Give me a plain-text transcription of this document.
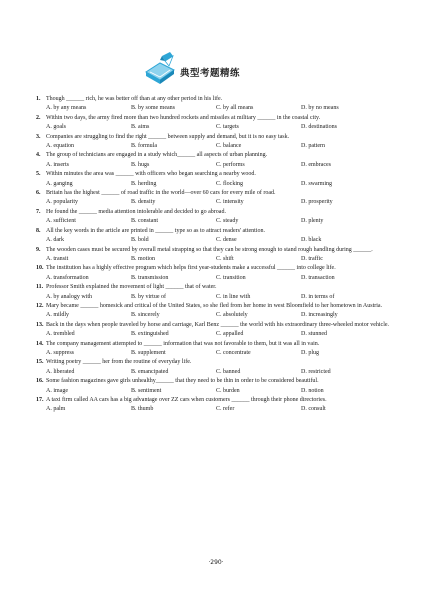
典型考题精练
1. Though ______ rich, he was better off than at any other period in his life.
A. by any means	B. by some means	C. by all means	D. by no means
2. Within two days, the army fired more than two hundred rockets and missiles at military ______ in the coastal city.
A. goals	B. aims	C. targets	D. destinations
3. Companies are struggling to find the right ______ between supply and demand, but it is no easy task.
A. equation	B. formula	C. balance	D. pattern
4. The group of technicians are engaged in a study which______ all aspects of urban planning.
A. inserts	B. hugs	C. performs	D. embraces
5. Within minutes the area was ______ with officers who began searching a nearby wood.
A. ganging	B. herding	C. flocking	D. swarming
6. Britain has the highest ______ of road traffic in the world—over 60 cars for every mile of road.
A. popularity	B. density	C. intensity	D. prosperity
7. He found the ______ media attention intolerable and decided to go abroad.
A. sufficient	B. constant	C. steady	D. plenty
8. All the key words in the article are printed in ______ type so as to attract readers' attention.
A. dark	B. bold	C. dense	D. black
9. The wooden cases must be secured by overall metal strapping so that they can be strong enough to stand rough handling during ______.
A. transit	B. motion	C. shift	D. traffic
10. The institution has a highly effective program which helps first year-students make a successful ______ into college life.
A. transformation	B. transmission	C. transition	D. transaction
11. Professor Smith explained the movement of light ______ that of water.
A. by analogy with	B. by virtue of	C. in line with	D. in terms of
12. Mary became ______ homesick and critical of the United States, so she fled from her home in west Bloomfield to her hometown in Austria.
A. mildly	B. sincerely	C. absolutely	D. increasingly
13. Back in the days when people traveled by horse and carriage, Karl Benz ______ the world with his extraordinary three-wheeled motor vehicle.
A. trembled	B. extinguished	C. appalled	D. stunned
14. The company management attempted to ______ information that was not favorable to them, but it was all in vain.
A. suppress	B. supplement	C. concentrate	D. plug
15. Writing poetry ______ her from the routine of everyday life.
A. liberated	B. emancipated	C. banned	D. restricted
16. Some fashion magazines gave girls unhealthy______ that they need to be thin in order to be considered beautiful.
A. image	B. sentiment	C. burden	D. notion
17. A taxi firm called AA cars has a big advantage over ZZ cars when customers ______ through their phone directories.
A. palm	B. thumb	C. refer	D. consult
·290·
